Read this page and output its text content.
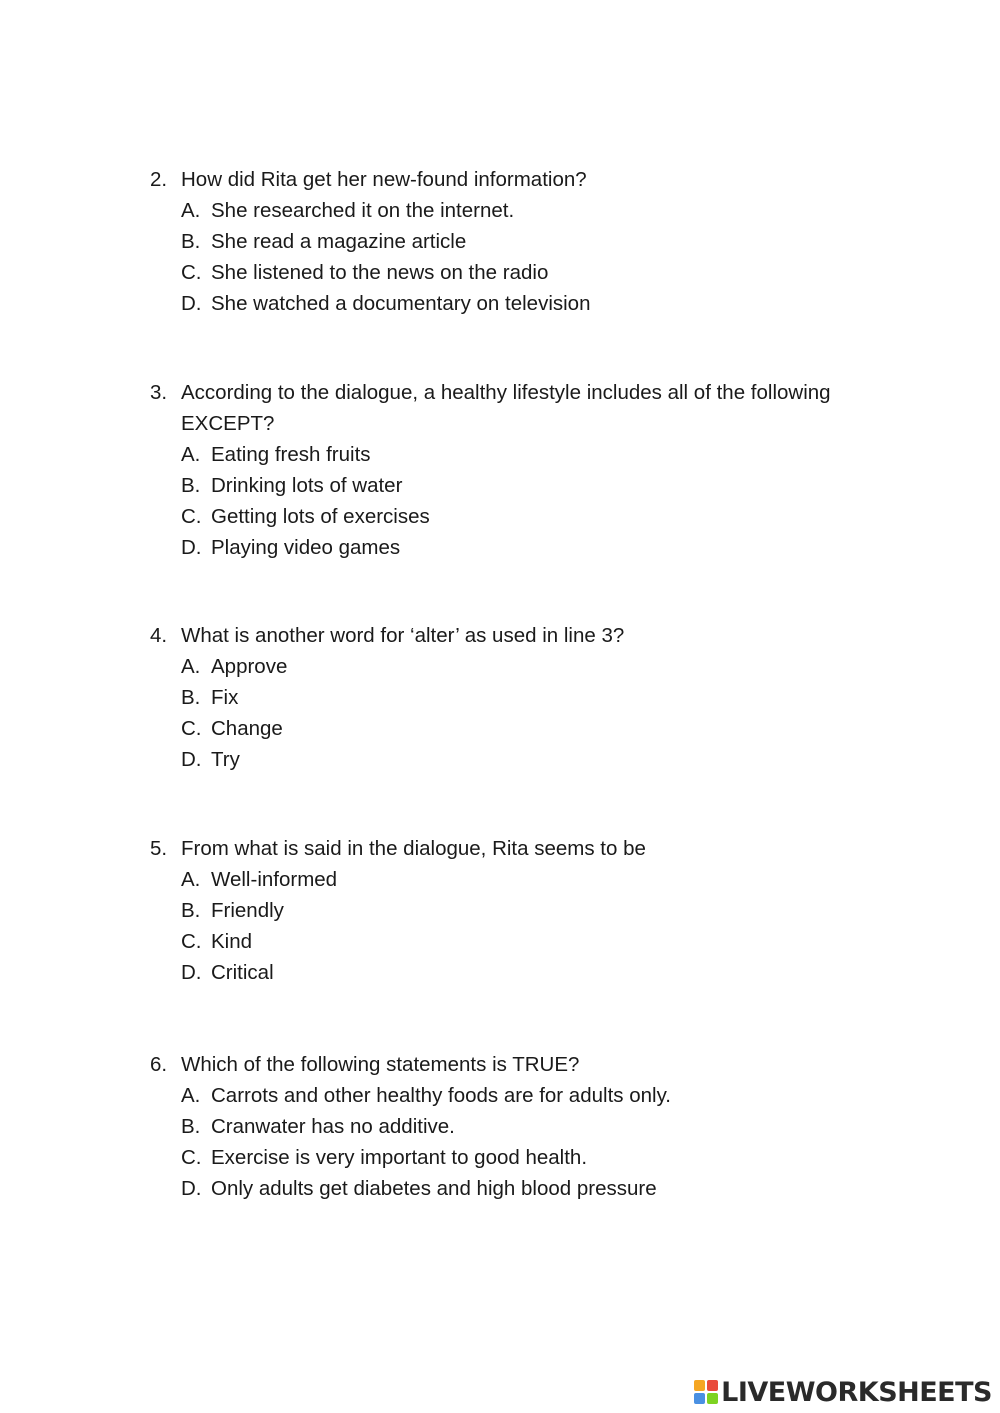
2. How did Rita get her new-found information?
A. She researched it on the internet.
B. She read a magazine article
C. She listened to the news on the radio
D. She watched a documentary on television
3. According to the dialogue, a healthy lifestyle includes all of the following EXCEPT?
A. Eating fresh fruits
B. Drinking lots of water
C. Getting lots of exercises
D. Playing video games
4. What is another word for ‘alter’ as used in line 3?
A. Approve
B. Fix
C. Change
D. Try
5. From what is said in the dialogue, Rita seems to be
A. Well-informed
B. Friendly
C. Kind
D. Critical
6. Which of the following statements is TRUE?
A. Carrots and other healthy foods are for adults only.
B. Cranwater has no additive.
C. Exercise is very important to good health.
D. Only adults get diabetes and high blood pressure
LIVEWORKSHEETS
